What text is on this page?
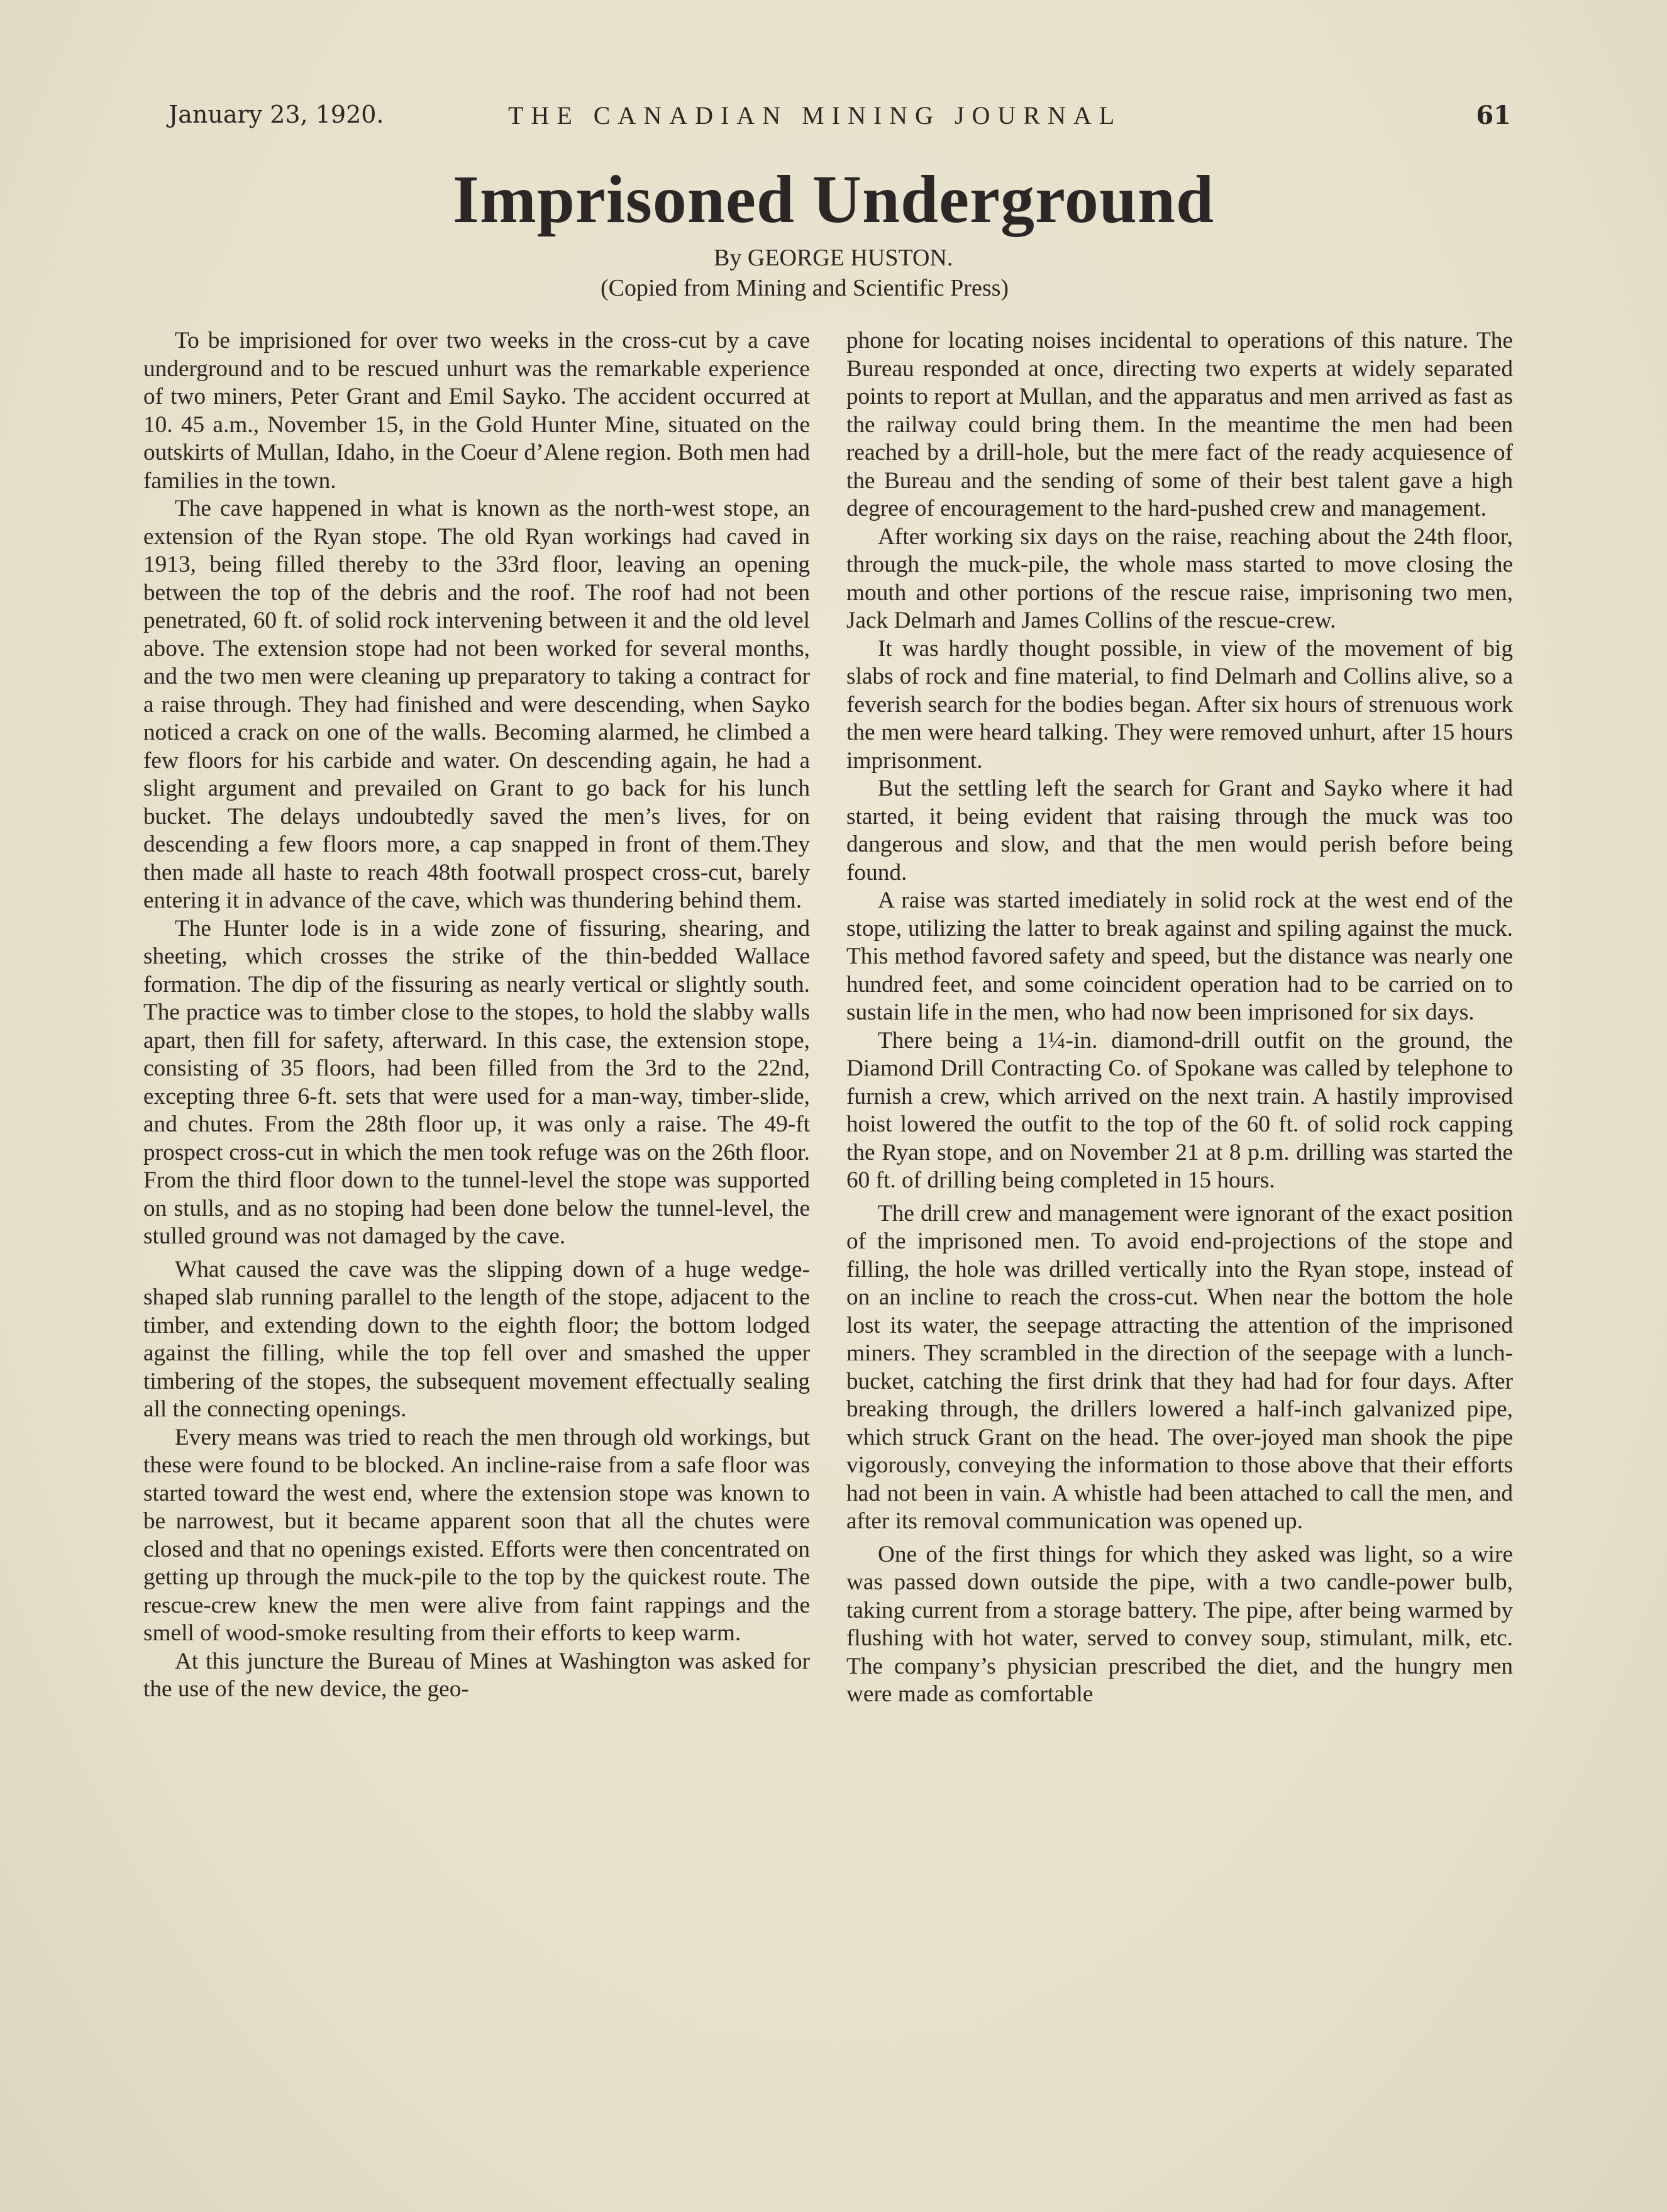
January 23, 1920.	THE CANADIAN MINING JOURNAL	61
Imprisoned Underground
By GEORGE HUSTON.
(Copied from Mining and Scientific Press)

To be imprisioned for over two weeks in the cross-cut by a cave underground and to be rescued unhurt was the remarkable experience of two miners, Peter Grant and Emil Sayko. The accident occurred at 10. 45 a.m., November 15, in the Gold Hunter Mine, situated on the outskirts of Mullan, Idaho, in the Coeur d’Alene region. Both men had families in the town.

The cave happened in what is known as the north-west stope, an extension of the Ryan stope. The old Ryan workings had caved in 1913, being filled thereby to the 33rd floor, leaving an opening between the top of the debris and the roof. The roof had not been penetrated, 60 ft. of solid rock intervening between it and the old level above. The extension stope had not been worked for several months, and the two men were cleaning up preparatory to taking a contract for a raise through. They had finished and were descending, when Sayko noticed a crack on one of the walls. Becoming alarmed, he climbed a few floors for his carbide and water. On descending again, he had a slight argument and prevailed on Grant to go back for his lunch bucket. The delays undoubtedly saved the men’s lives, for on descending a few floors more, a cap snapped in front of them.They then made all haste to reach 48th footwall prospect cross-cut, barely entering it in advance of the cave, which was thundering behind them.

The Hunter lode is in a wide zone of fissuring, shearing, and sheeting, which crosses the strike of the thin-bedded Wallace formation. The dip of the fissuring as nearly vertical or slightly south. The practice was to timber close to the stopes, to hold the slabby walls apart, then fill for safety, afterward. In this case, the extension stope, consisting of 35 floors, had been filled from the 3rd to the 22nd, excepting three 6-ft. sets that were used for a man-way, timber-slide, and chutes. From the 28th floor up, it was only a raise. The 49-ft prospect cross-cut in which the men took refuge was on the 26th floor. From the third floor down to the tunnel-level the stope was supported on stulls, and as no stoping had been done below the tunnel-level, the stulled ground was not damaged by the cave.

What caused the cave was the slipping down of a huge wedge-shaped slab running parallel to the length of the stope, adjacent to the timber, and extending down to the eighth floor; the bottom lodged against the filling, while the top fell over and smashed the upper timbering of the stopes, the subsequent movement effectually sealing all the connecting openings.

Every means was tried to reach the men through old workings, but these were found to be blocked. An incline-raise from a safe floor was started toward the west end, where the extension stope was known to be narrowest, but it became apparent soon that all the chutes were closed and that no openings existed. Efforts were then concentrated on getting up through the muck-pile to the top by the quickest route. The rescue-crew knew the men were alive from faint rappings and the smell of wood-smoke resulting from their efforts to keep warm.

At this juncture the Bureau of Mines at Washington was asked for the use of the new device, the geo-

phone for locating noises incidental to operations of this nature. The Bureau responded at once, directing two experts at widely separated points to report at Mullan, and the apparatus and men arrived as fast as the railway could bring them. In the meantime the men had been reached by a drill-hole, but the mere fact of the ready acquiesence of the Bureau and the sending of some of their best talent gave a high degree of encouragement to the hard-pushed crew and management.

After working six days on the raise, reaching about the 24th floor, through the muck-pile, the whole mass started to move closing the mouth and other portions of the rescue raise, imprisoning two men, Jack Delmarh and James Collins of the rescue-crew.

It was hardly thought possible, in view of the movement of big slabs of rock and fine material, to find Delmarh and Collins alive, so a feverish search for the bodies began. After six hours of strenuous work the men were heard talking. They were removed unhurt, after 15 hours imprisonment.

But the settling left the search for Grant and Sayko where it had started, it being evident that raising through the muck was too dangerous and slow, and that the men would perish before being found.

A raise was started imediately in solid rock at the west end of the stope, utilizing the latter to break against and spiling against the muck. This method favored safety and speed, but the distance was nearly one hundred feet, and some coincident operation had to be carried on to sustain life in the men, who had now been imprisoned for six days.

There being a 1¼-in. diamond-drill outfit on the ground, the Diamond Drill Contracting Co. of Spokane was called by telephone to furnish a crew, which arrived on the next train. A hastily improvised hoist lowered the outfit to the top of the 60 ft. of solid rock capping the Ryan stope, and on November 21 at 8 p.m. drilling was started the 60 ft. of drilling being completed in 15 hours.

The drill crew and management were ignorant of the exact position of the imprisoned men. To avoid end-projections of the stope and filling, the hole was drilled vertically into the Ryan stope, instead of on an incline to reach the cross-cut. When near the bottom the hole lost its water, the seepage attracting the attention of the imprisoned miners. They scrambled in the direction of the seepage with a lunch-bucket, catching the first drink that they had had for four days. After breaking through, the drillers lowered a half-inch galvanized pipe, which struck Grant on the head. The over-joyed man shook the pipe vigorously, conveying the information to those above that their efforts had not been in vain. A whistle had been attached to call the men, and after its removal communication was opened up.

One of the first things for which they asked was light, so a wire was passed down outside the pipe, with a two candle-power bulb, taking current from a storage battery. The pipe, after being warmed by flushing with hot water, served to convey soup, stimulant, milk, etc. The company’s physician prescribed the diet, and the hungry men were made as comfortable
